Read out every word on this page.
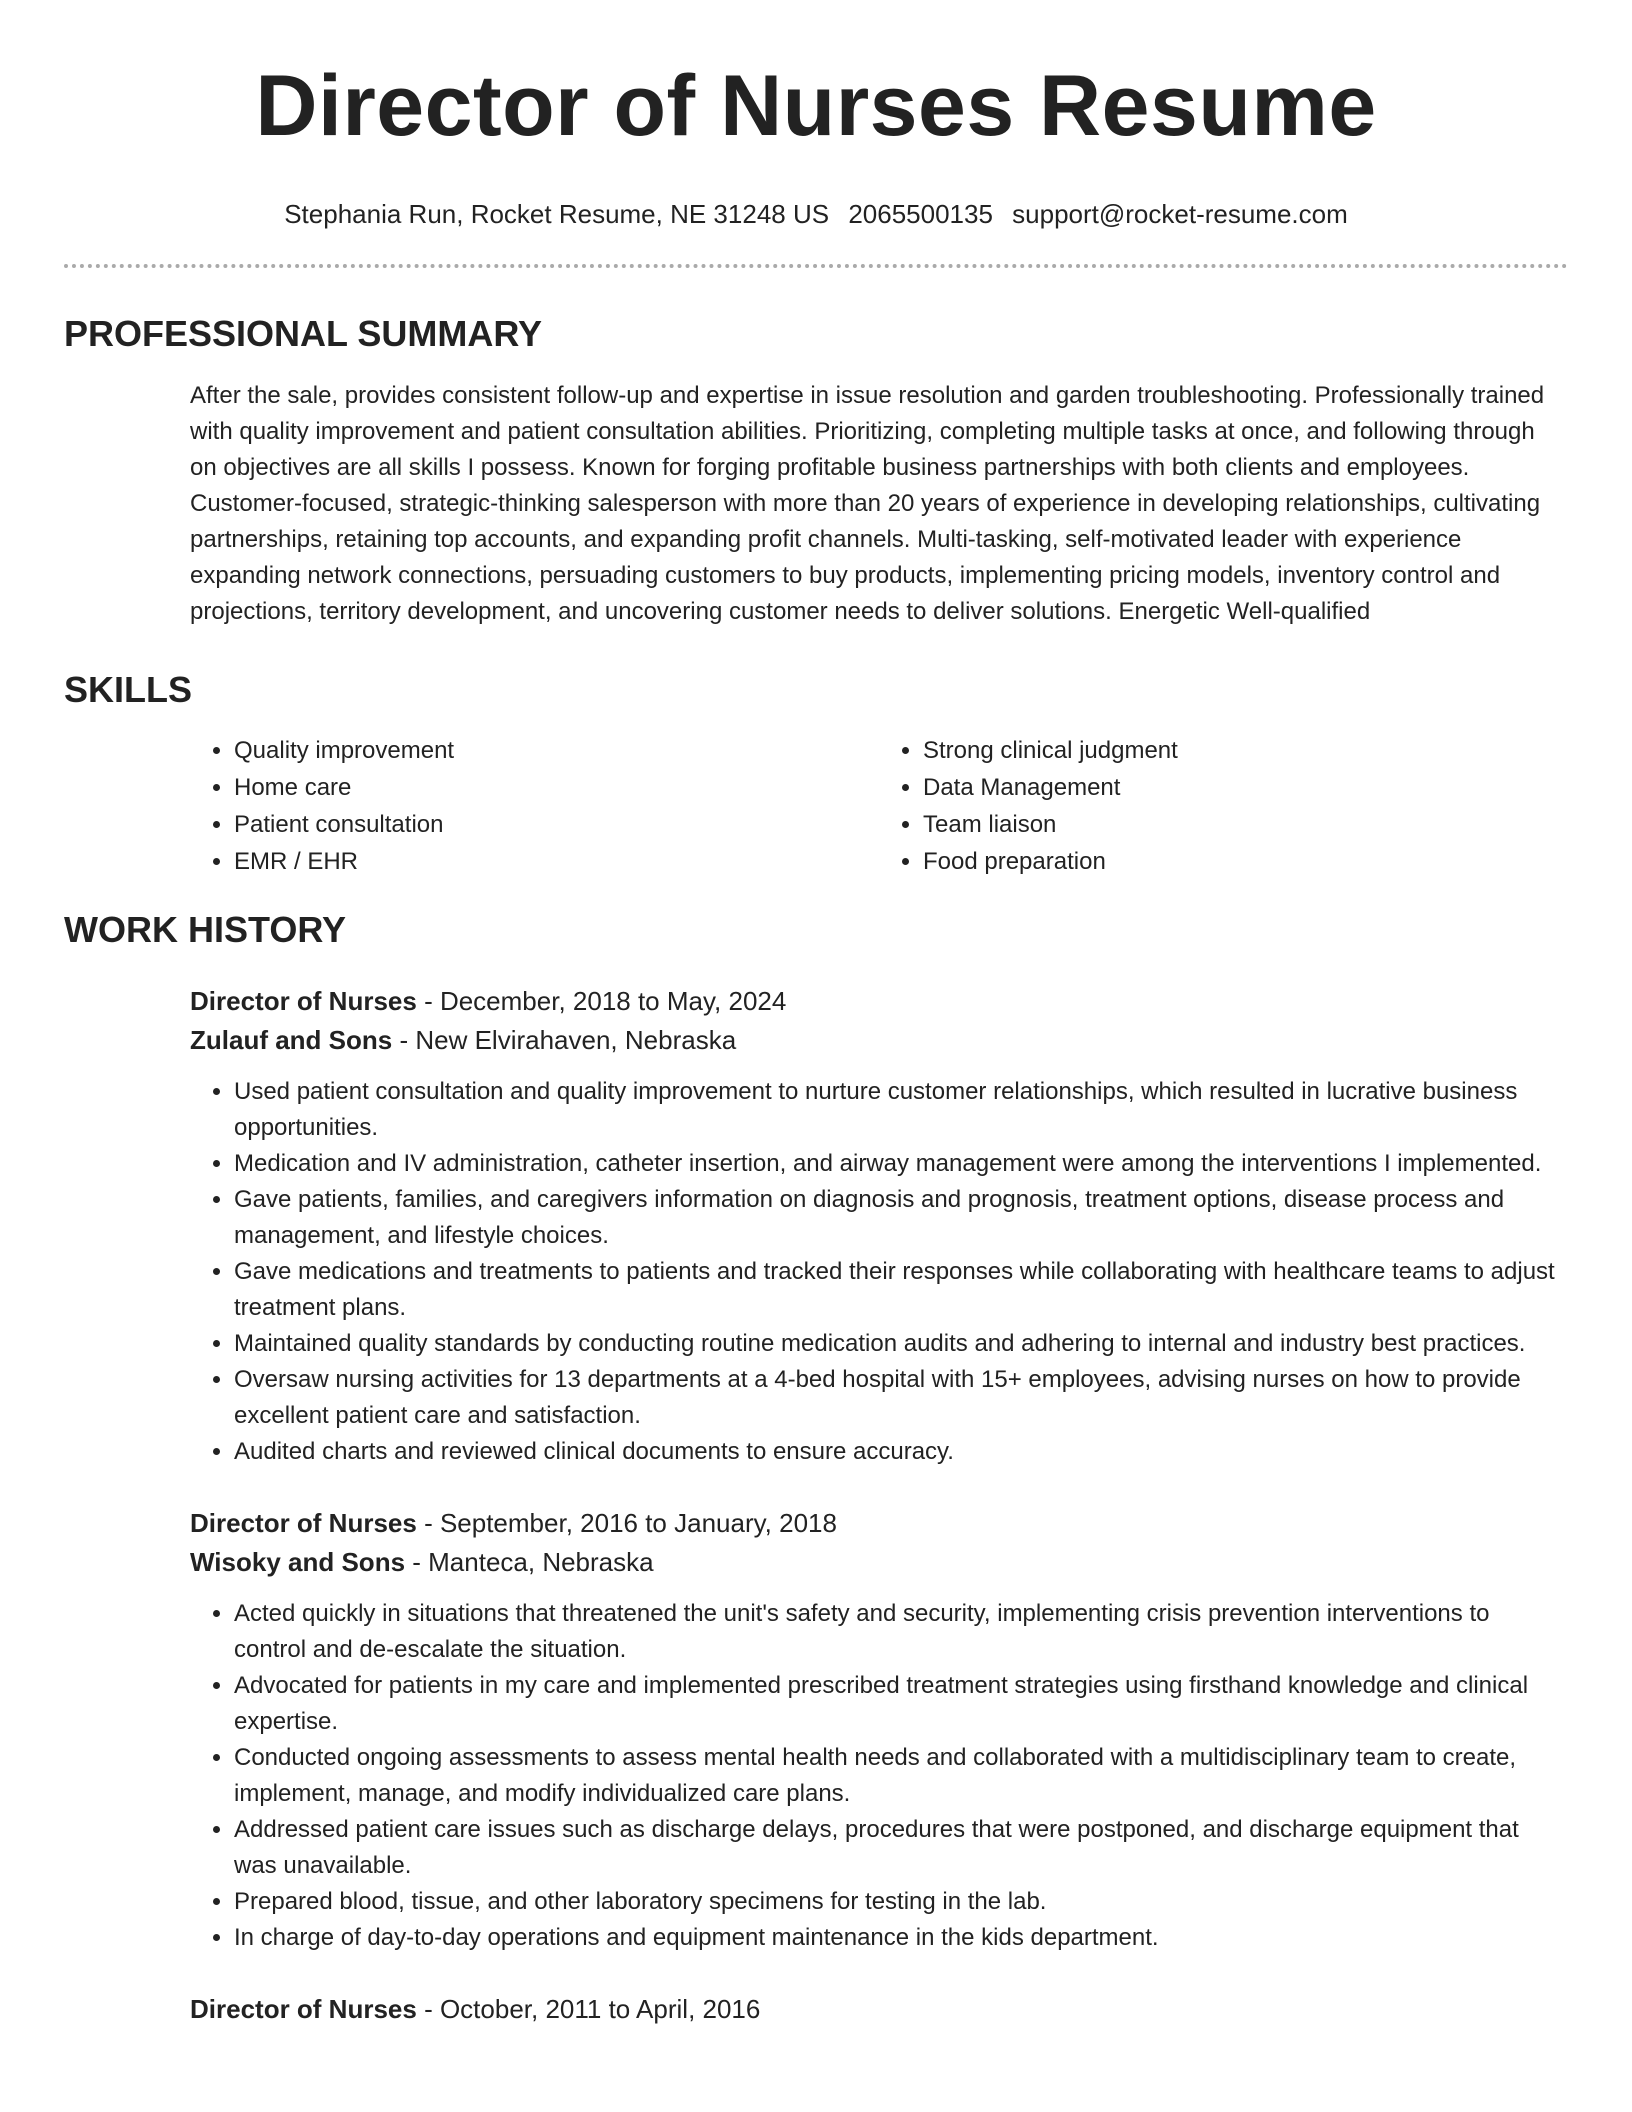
Director of Nurses Resume
Stephania Run, Rocket Resume, NE 31248 US 2065500135 support@rocket-resume.com
PROFESSIONAL SUMMARY

After the sale, provides consistent follow-up and expertise in issue resolution and garden troubleshooting. Professionally trained with quality improvement and patient consultation abilities. Prioritizing, completing multiple tasks at once, and following through on objectives are all skills I possess. Known for forging profitable business partnerships with both clients and employees. Customer-focused, strategic-thinking salesperson with more than 20 years of experience in developing relationships, cultivating partnerships, retaining top accounts, and expanding profit channels. Multi-tasking, self-motivated leader with experience expanding network connections, persuading customers to buy products, implementing pricing models, inventory control and projections, territory development, and uncovering customer needs to deliver solutions. Energetic Well-qualified

SKILLS
• Quality improvement
• Home care
• Patient consultation
• EMR / EHR
• Strong clinical judgment
• Data Management
• Team liaison
• Food preparation
WORK HISTORY
Director of Nurses - December, 2018 to May, 2024
Zulauf and Sons - New Elvirahaven, Nebraska
• Used patient consultation and quality improvement to nurture customer relationships, which resulted in lucrative business opportunities.
• Medication and IV administration, catheter insertion, and airway management were among the interventions I implemented.
• Gave patients, families, and caregivers information on diagnosis and prognosis, treatment options, disease process and management, and lifestyle choices.
• Gave medications and treatments to patients and tracked their responses while collaborating with healthcare teams to adjust treatment plans.
• Maintained quality standards by conducting routine medication audits and adhering to internal and industry best practices.
• Oversaw nursing activities for 13 departments at a 4-bed hospital with 15+ employees, advising nurses on how to provide excellent patient care and satisfaction.
• Audited charts and reviewed clinical documents to ensure accuracy.
Director of Nurses - September, 2016 to January, 2018
Wisoky and Sons - Manteca, Nebraska
• Acted quickly in situations that threatened the unit's safety and security, implementing crisis prevention interventions to control and de-escalate the situation.
• Advocated for patients in my care and implemented prescribed treatment strategies using firsthand knowledge and clinical expertise.
• Conducted ongoing assessments to assess mental health needs and collaborated with a multidisciplinary team to create, implement, manage, and modify individualized care plans.
• Addressed patient care issues such as discharge delays, procedures that were postponed, and discharge equipment that was unavailable.
• Prepared blood, tissue, and other laboratory specimens for testing in the lab.
• In charge of day-to-day operations and equipment maintenance in the kids department.
Director of Nurses - October, 2011 to April, 2016
